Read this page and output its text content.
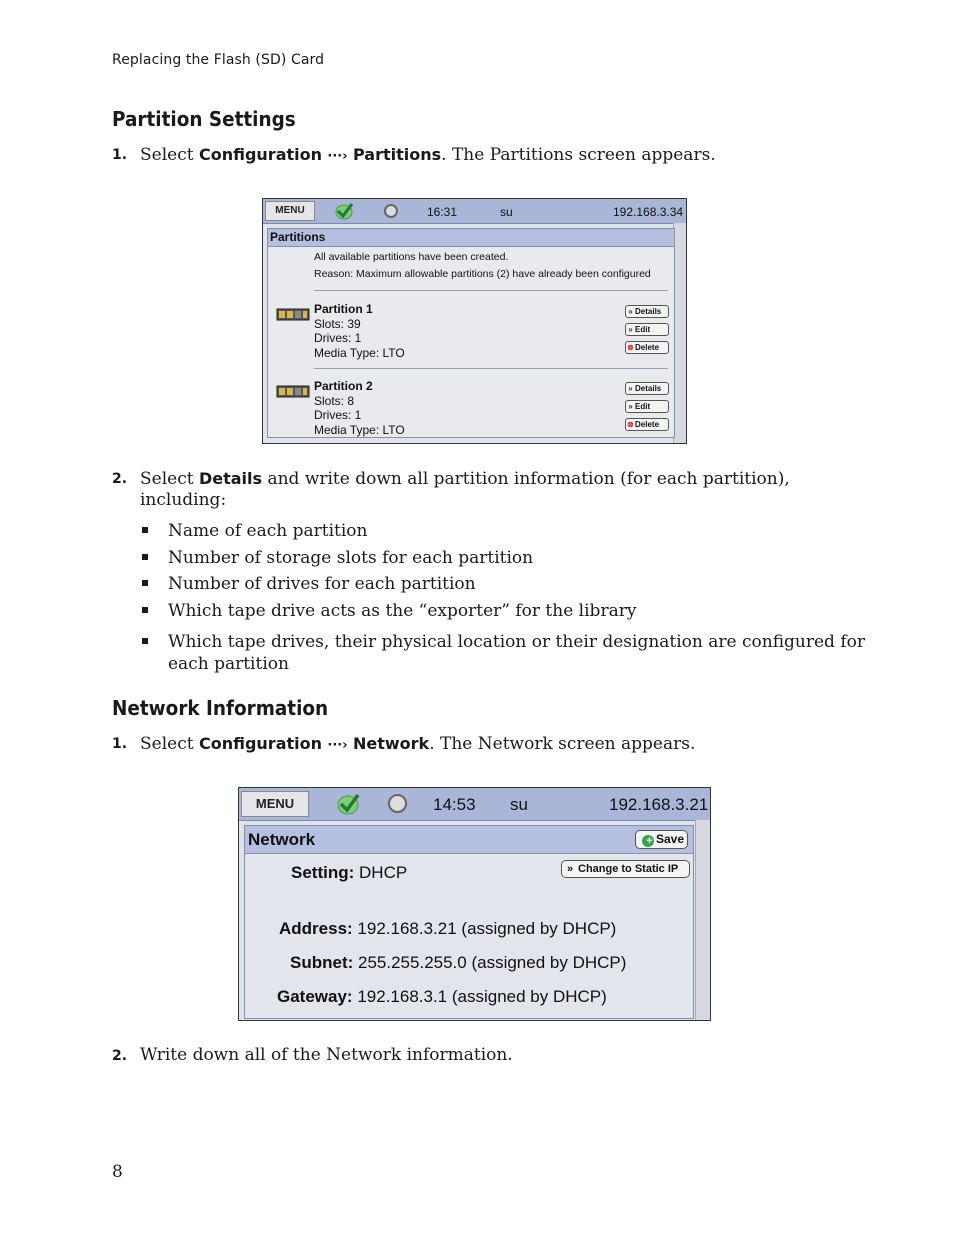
Replacing the Flash (SD) Card
Partition Settings
1. Select Configuration ···› Partitions. The Partitions screen appears.
MENU	16:31	su	192.168.3.34
Partitions
All available partitions have been created.
Reason: Maximum allowable partitions (2) have already been configured
Partition 1
Slots: 39
Drives: 1
Media Type: LTO
» Details
» Edit
⊗Delete
Partition 2
Slots: 8
Drives: 1
Media Type: LTO
» Details
» Edit
⊗Delete
2. Select Details and write down all partition information (for each partition), including:
Name of each partition
Number of storage slots for each partition
Number of drives for each partition
Which tape drive acts as the “exporter” for the library
Which tape drives, their physical location or their designation are configured for each partition
Network Information
1. Select Configuration ···› Network. The Network screen appears.
MENU	14:53 su	192.168.3.21
Network	+ Save
Setting: DHCP	» Change to Static IP
Address: 192.168.3.21 (assigned by DHCP)
Subnet: 255.255.255.0 (assigned by DHCP)
Gateway: 192.168.3.1 (assigned by DHCP)
2. Write down all of the Network information.
8
